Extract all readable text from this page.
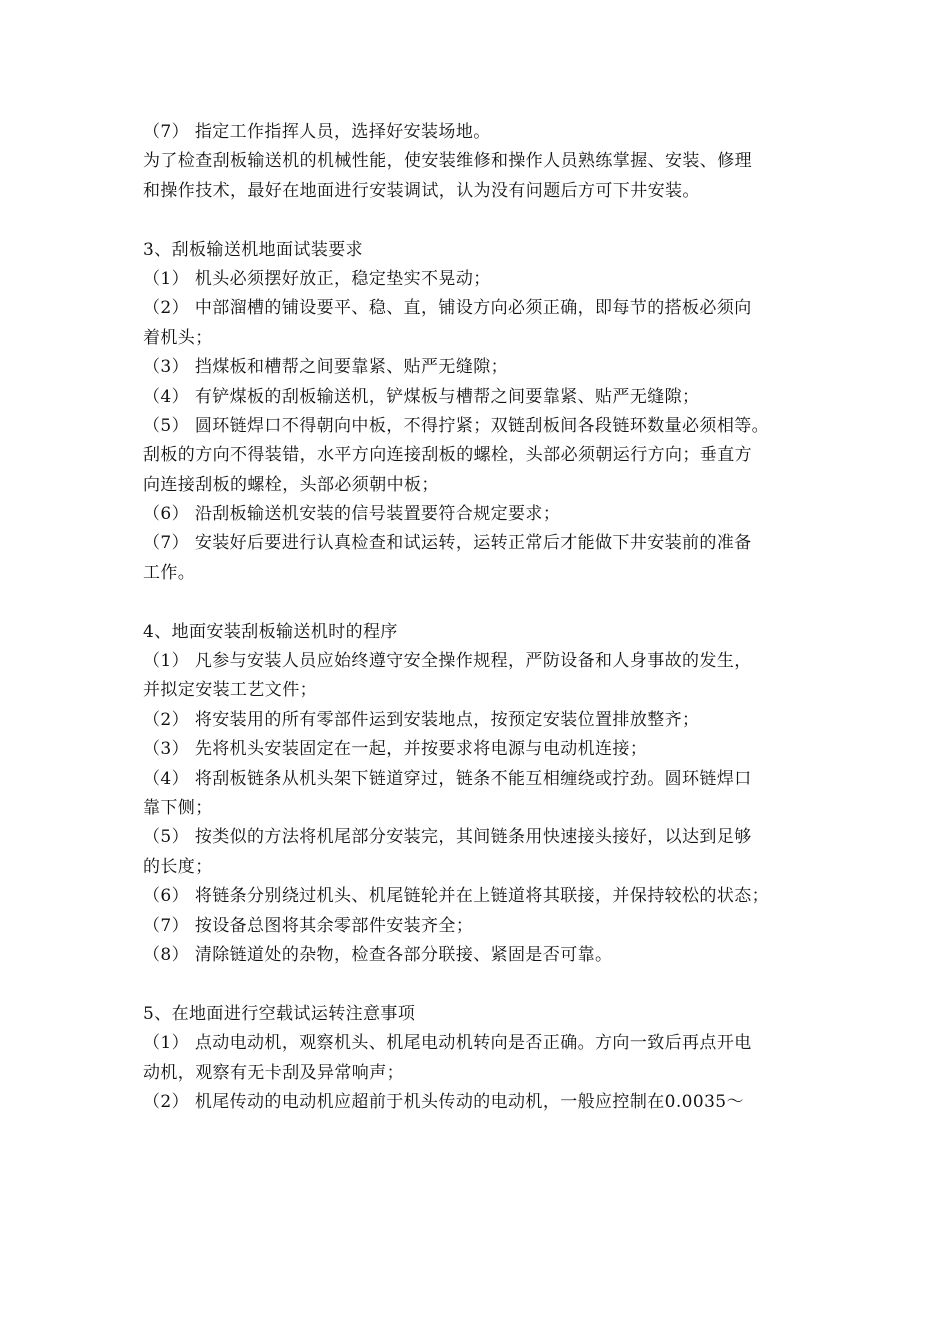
（7） 指定工作指挥人员，选择好安装场地。
为了检查刮板输送机的机械性能，使安装维修和操作人员熟练掌握、安装、修理
和操作技术，最好在地面进行安装调试，认为没有问题后方可下井安装。
3、刮板输送机地面试装要求
（1） 机头必须摆好放正，稳定垫实不晃动；
（2） 中部溜槽的铺设要平、稳、直，铺设方向必须正确，即每节的搭板必须向
着机头；
（3） 挡煤板和槽帮之间要靠紧、贴严无缝隙；
（4） 有铲煤板的刮板输送机，铲煤板与槽帮之间要靠紧、贴严无缝隙；
（5） 圆环链焊口不得朝向中板，不得拧紧；双链刮板间各段链环数量必须相等。
刮板的方向不得装错，水平方向连接刮板的螺栓，头部必须朝运行方向；垂直方
向连接刮板的螺栓，头部必须朝中板；
（6） 沿刮板输送机安装的信号装置要符合规定要求；
（7） 安装好后要进行认真检查和试运转，运转正常后才能做下井安装前的准备
工作。
4、地面安装刮板输送机时的程序
（1） 凡参与安装人员应始终遵守安全操作规程，严防设备和人身事故的发生，
并拟定安装工艺文件；
（2） 将安装用的所有零部件运到安装地点，按预定安装位置排放整齐；
（3） 先将机头安装固定在一起，并按要求将电源与电动机连接；
（4） 将刮板链条从机头架下链道穿过，链条不能互相缠绕或拧劲。圆环链焊口
靠下侧；
（5） 按类似的方法将机尾部分安装完，其间链条用快速接头接好，以达到足够
的长度；
（6） 将链条分别绕过机头、机尾链轮并在上链道将其联接，并保持较松的状态；
（7） 按设备总图将其余零部件安装齐全；
（8） 清除链道处的杂物，检查各部分联接、紧固是否可靠。
5、在地面进行空载试运转注意事项
（1） 点动电动机，观察机头、机尾电动机转向是否正确。方向一致后再点开电
动机，观察有无卡刮及异常响声；
（2） 机尾传动的电动机应超前于机头传动的电动机，一般应控制在0.0035～
